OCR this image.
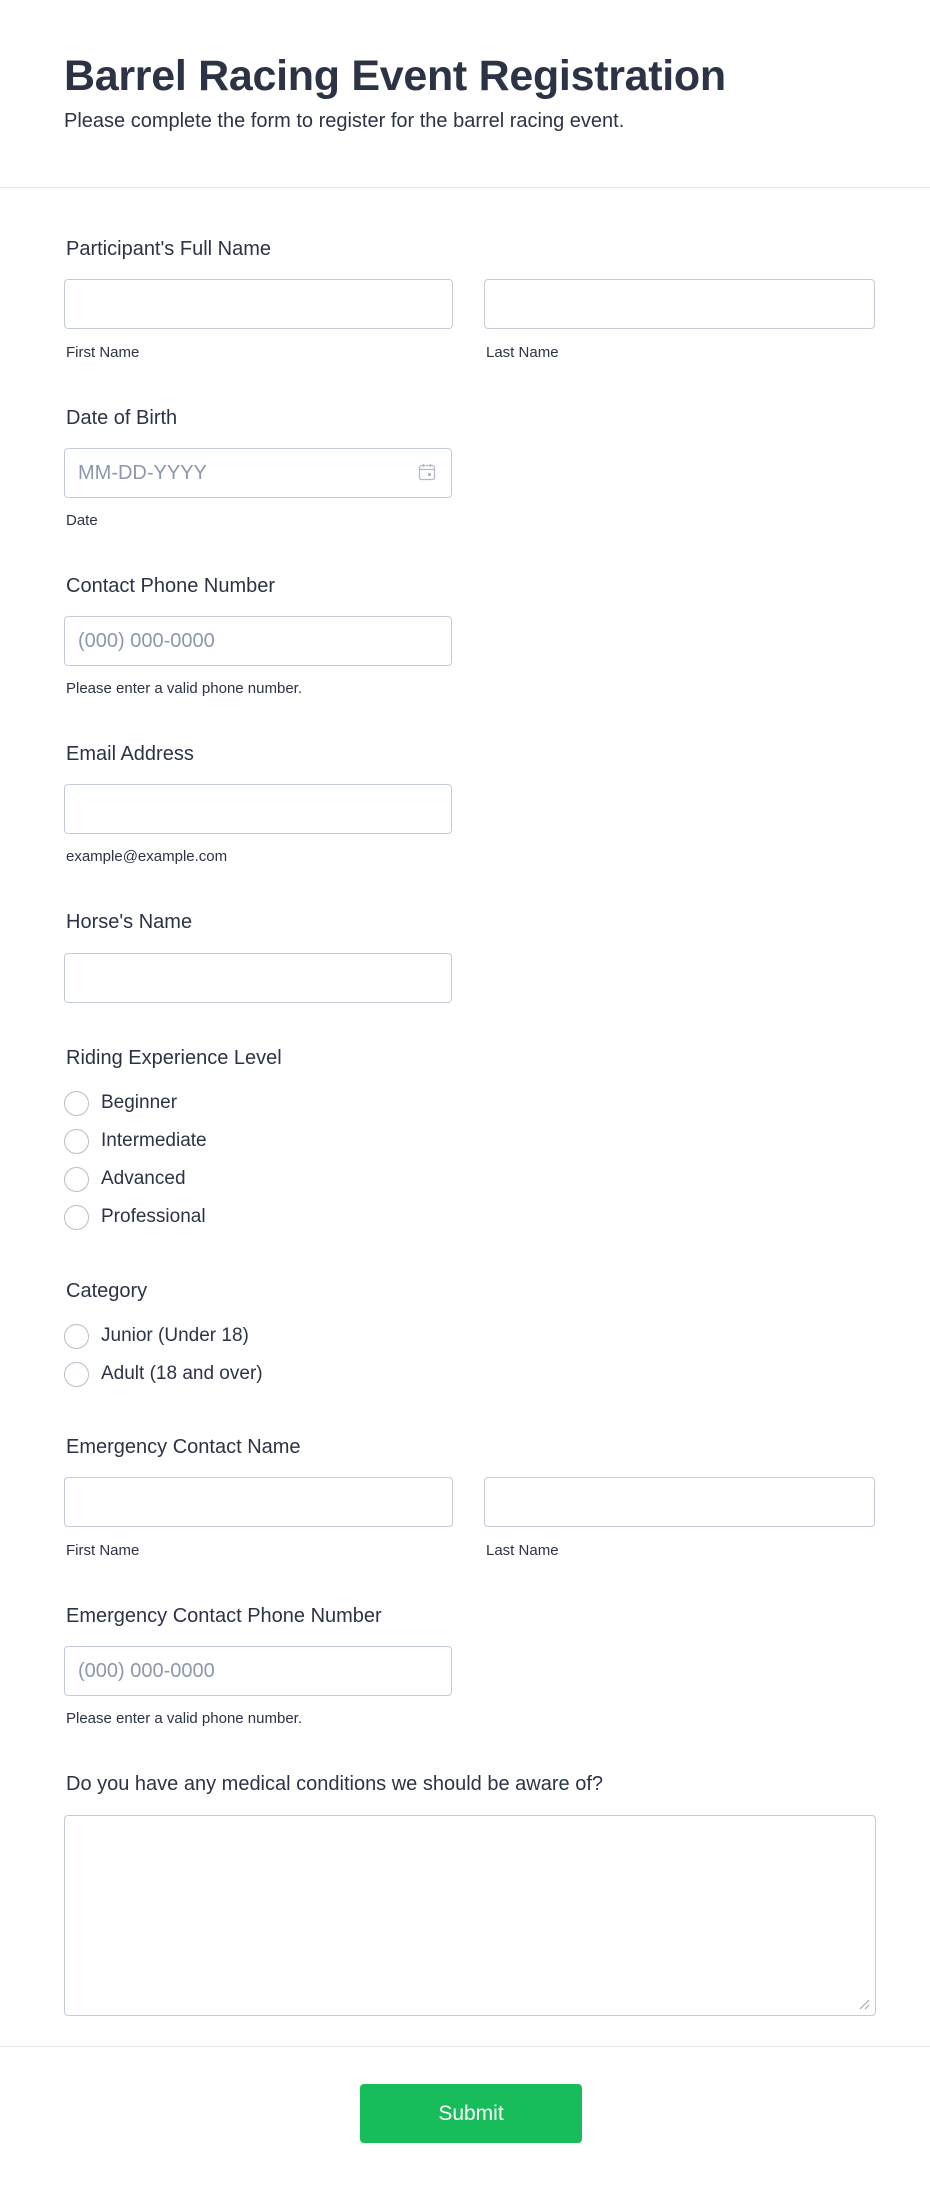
Barrel Racing Event Registration
Please complete the form to register for the barrel racing event.
Participant's Full Name
First Name	Last Name
Date of Birth
MM-DD-YYYY
Date
Contact Phone Number
(000) 000-0000
Please enter a valid phone number.
Email Address
example@example.com
Horse's Name
Riding Experience Level
Beginner
Intermediate
Advanced
Professional
Category
Junior (Under 18)
Adult (18 and over)
Emergency Contact Name
First Name	Last Name
Emergency Contact Phone Number
(000) 000-0000
Please enter a valid phone number.
Do you have any medical conditions we should be aware of?
Submit
